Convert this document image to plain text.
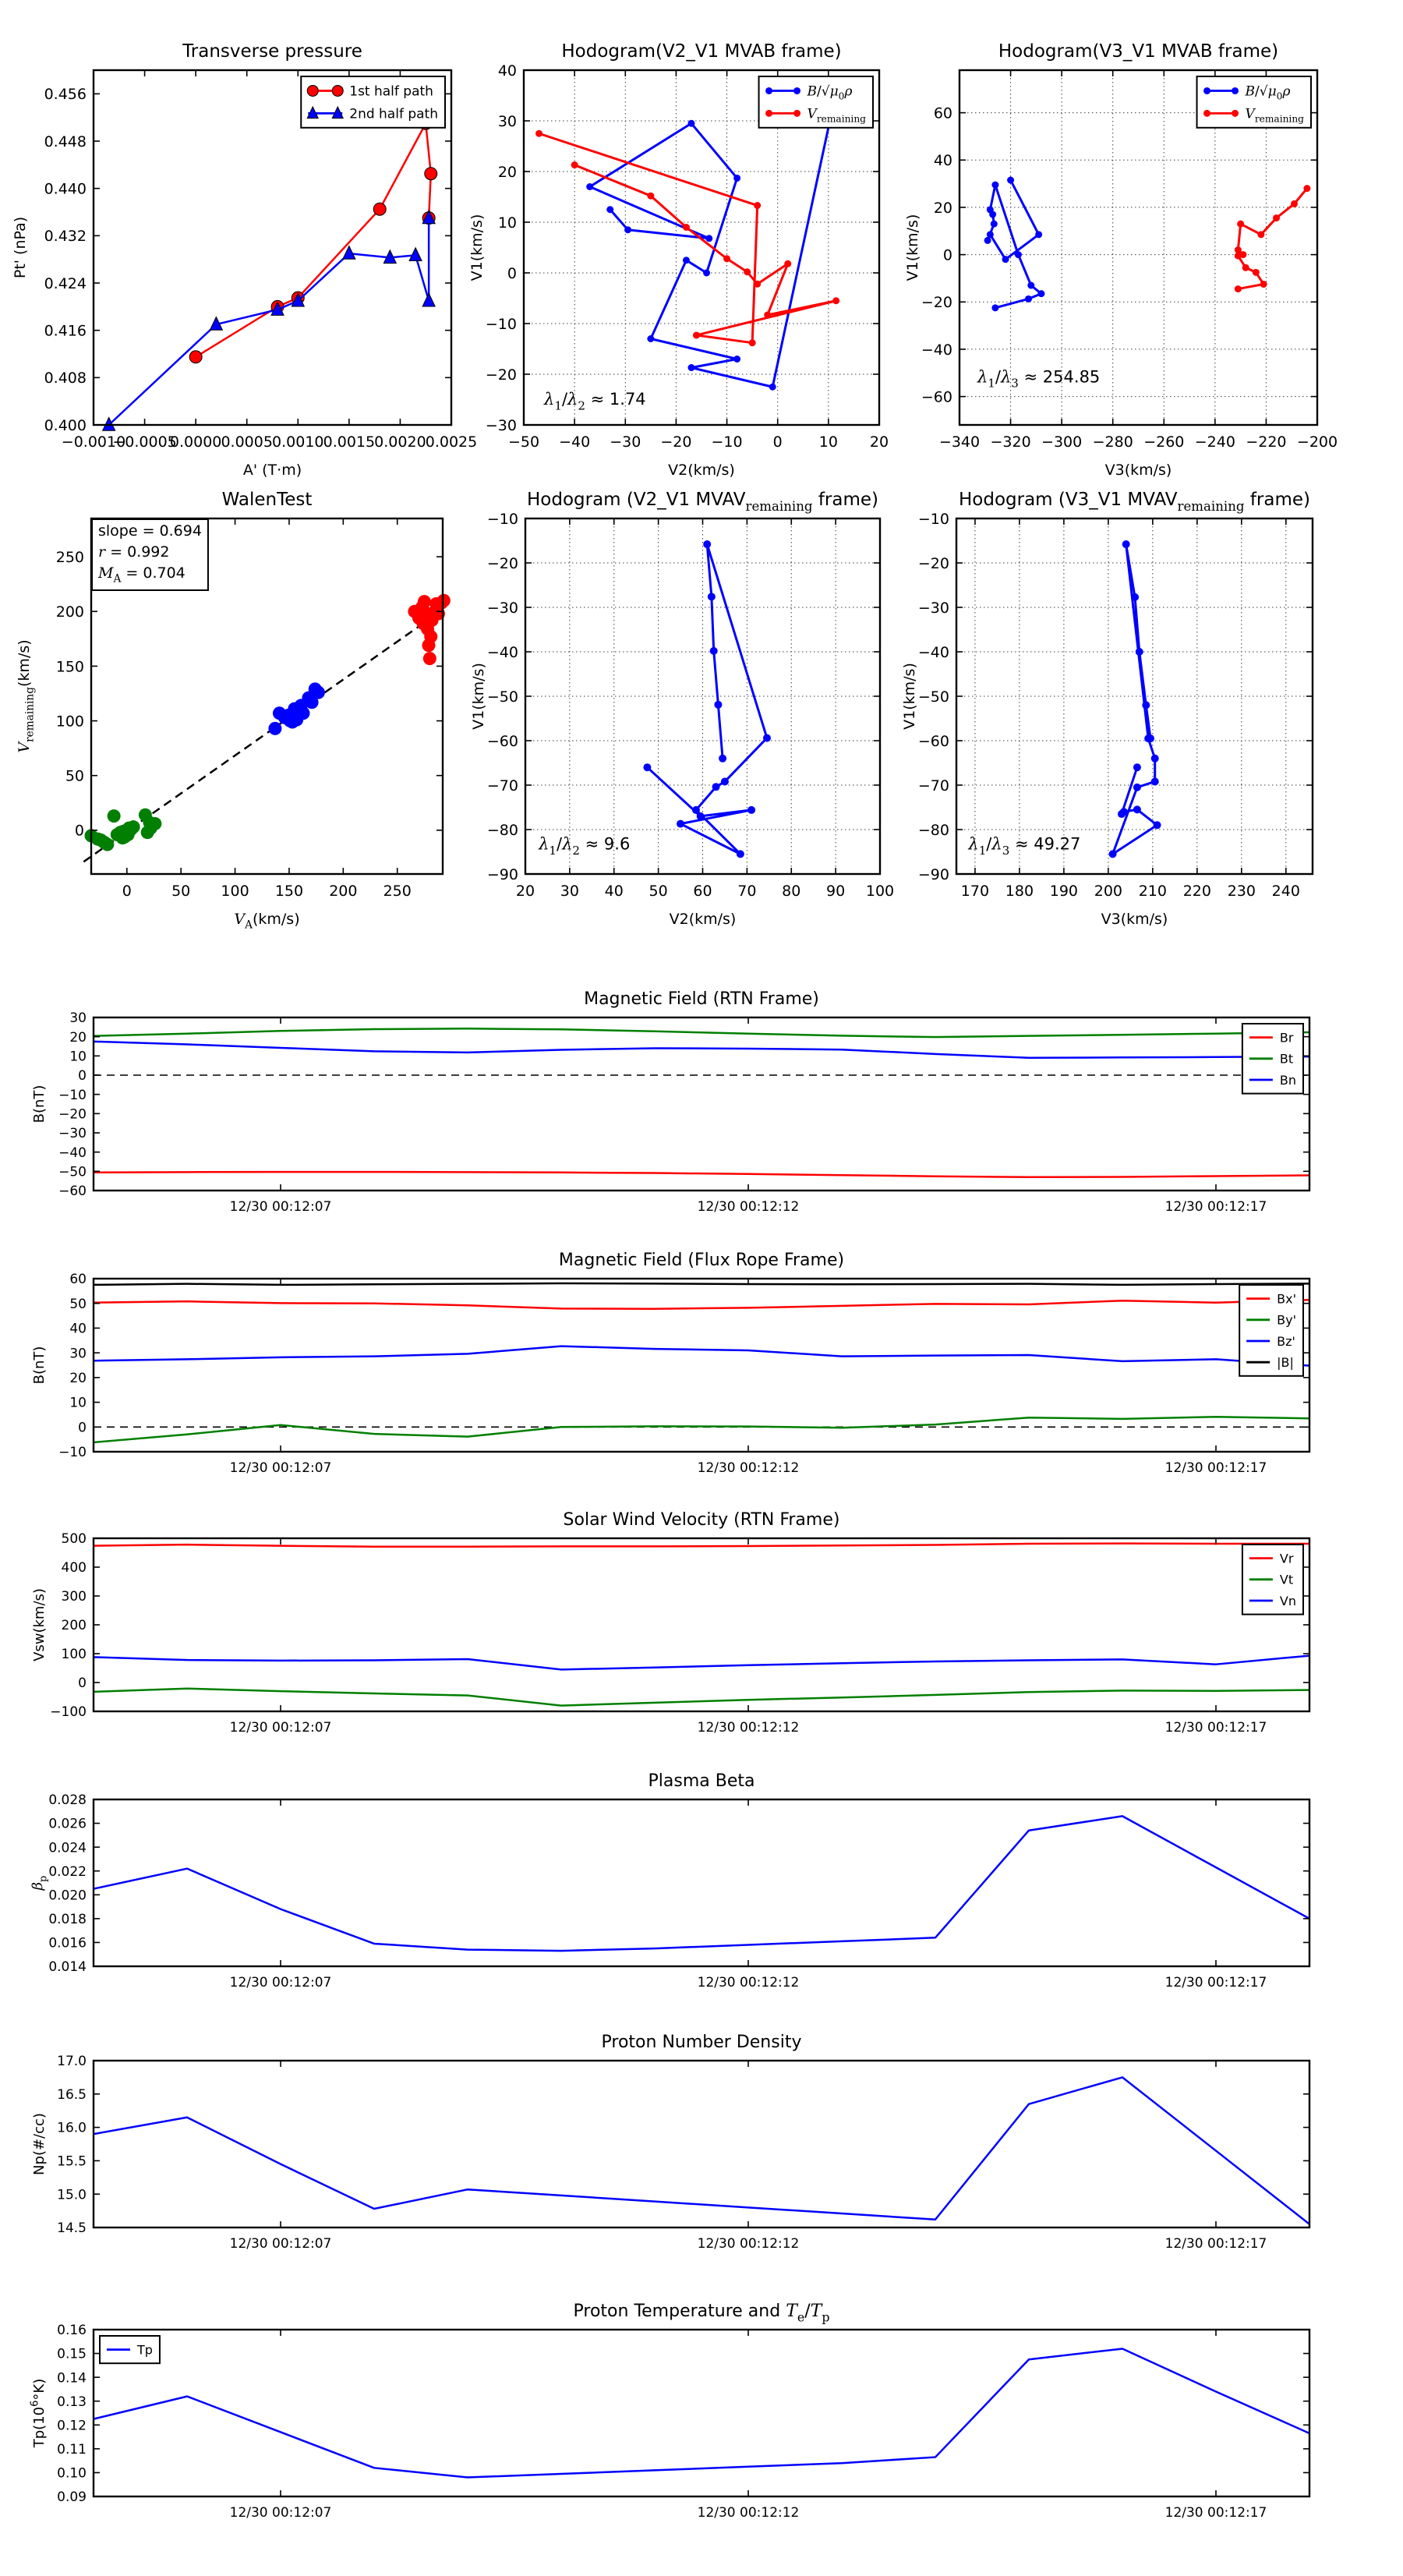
−0.0010
−0.0005
0.0000 0.0005 0.0010 0.0015 0.0020 0.0025
0.400
0.408
0.416
0.424
0.432
0.440
0.448
0.456
Transverse pressure
A' (T·m)
Pt' (nPa)
1st half path
2nd half path
−50 −40 −30 −20 −10 0 10 20
−30
−20
−10
0
10
20
30
40
Hodogram(V2_V1 MVAB frame)
V2(km/s)
V1(km/s)
$\lambda_1/\lambda_2 \approx 1.74$
$B/√\mu_0\rho$
$V_{remaining}$
−340 −320 −300 −280 −260 −240 −220 −200
−60
−40
−20
0
20
40
60
Hodogram(V3_V1 MVAB frame)
V3(km/s)
V1(km/s)
$\lambda_1/\lambda_3 \approx 254.85$
$B/√\mu_0\rho$
$V_{remaining}$
0	50 100 150 200 250
0
50
100
150
200
250
WalenTest
$V_A(km/s)$
$V_{remaining}(km/s)$
slope = 0.694
r = 0.992
$M_A = 0.704$
20 30 40 50 60 70 80 90 100
−90
−80
−70
−60
−50
−40
−30
−20
−10
Hodogram (V2_V1 $MVAV_{remaining}$ frame)
V2(km/s)
V1(km/s)
$\lambda_1/\lambda_2 \approx 9.6$
170 180 190 200 210 220 230 240
−90
−80
−70
−60
−50
−40
−30
−20
−10
Hodogram (V3_V1 $MVAV_{remaining}$ frame)
V3(km/s)
V1(km/s)
$\lambda_1/\lambda_3 \approx 49.27$
12/30 00:12:07	12/30 00:12:12	12/30 00:12:17
−60
−50
−40
−30
−20
−10
0
10
20
30
Magnetic Field (RTN Frame)
B(nT)
Br
Bt
Bn
12/30 00:12:07	12/30 00:12:12	12/30 00:12:17
−10
0
10
20
30
40
50
60
Magnetic Field (Flux Rope Frame)
B(nT)
Bx'
By'
Bz'
|B|
12/30 00:12:07	12/30 00:12:12	12/30 00:12:17
−100
0
100
200
300
400
500
Solar Wind Velocity (RTN Frame)
Vsw(km/s)
Vr
Vt
Vn
12/30 00:12:07	12/30 00:12:12	12/30 00:12:17
0.014
0.016
0.018
0.020
0.022
0.024
0.026
0.028
Plasma Beta
$\beta_p$
12/30 00:12:07	12/30 00:12:12	12/30 00:12:17
14.5
15.0
15.5
16.0
16.5
17.0
Proton Number Density
Np(#/cc)
12/30 00:12:07	12/30 00:12:12	12/30 00:12:17
0.09
0.10
0.11
0.12
0.13
0.14
0.15
0.16
Proton Temperature and $T_e/T_p$
$Tp(10^6^\circ K)$
Tp
